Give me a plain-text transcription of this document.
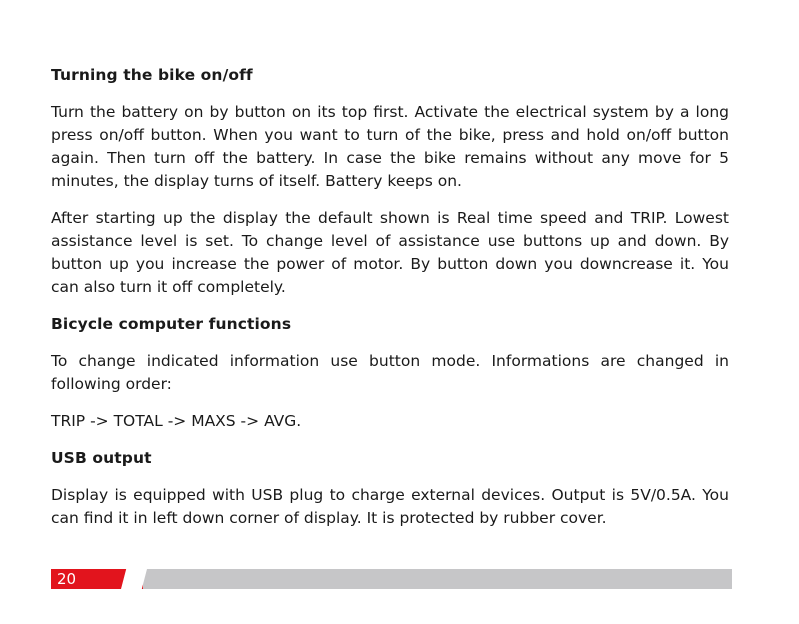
Turning the bike on/off

Turn the battery on by button on its top first. Activate the electrical system by a long press on/off button. When you want to turn of the bike, press and hold on/off button again. Then turn off the battery. In case the bike remains without any move for 5 minutes, the display turns of itself. Battery keeps on.

After starting up the display the default shown is Real time speed and TRIP. Lowest assistance level is set. To change level of assistance use buttons up and down. By button up you increase the power of motor. By button down you downcrease it. You can also turn it off completely.

Bicycle computer functions

To change indicated information use button mode. Informations are changed in following order:

TRIP -> TOTAL -> MAXS -> AVG.

USB output

Display is equipped with USB plug to charge external devices. Output is 5V/0.5A. You can find it in left down corner of display. It is protected by rubber cover.

20
